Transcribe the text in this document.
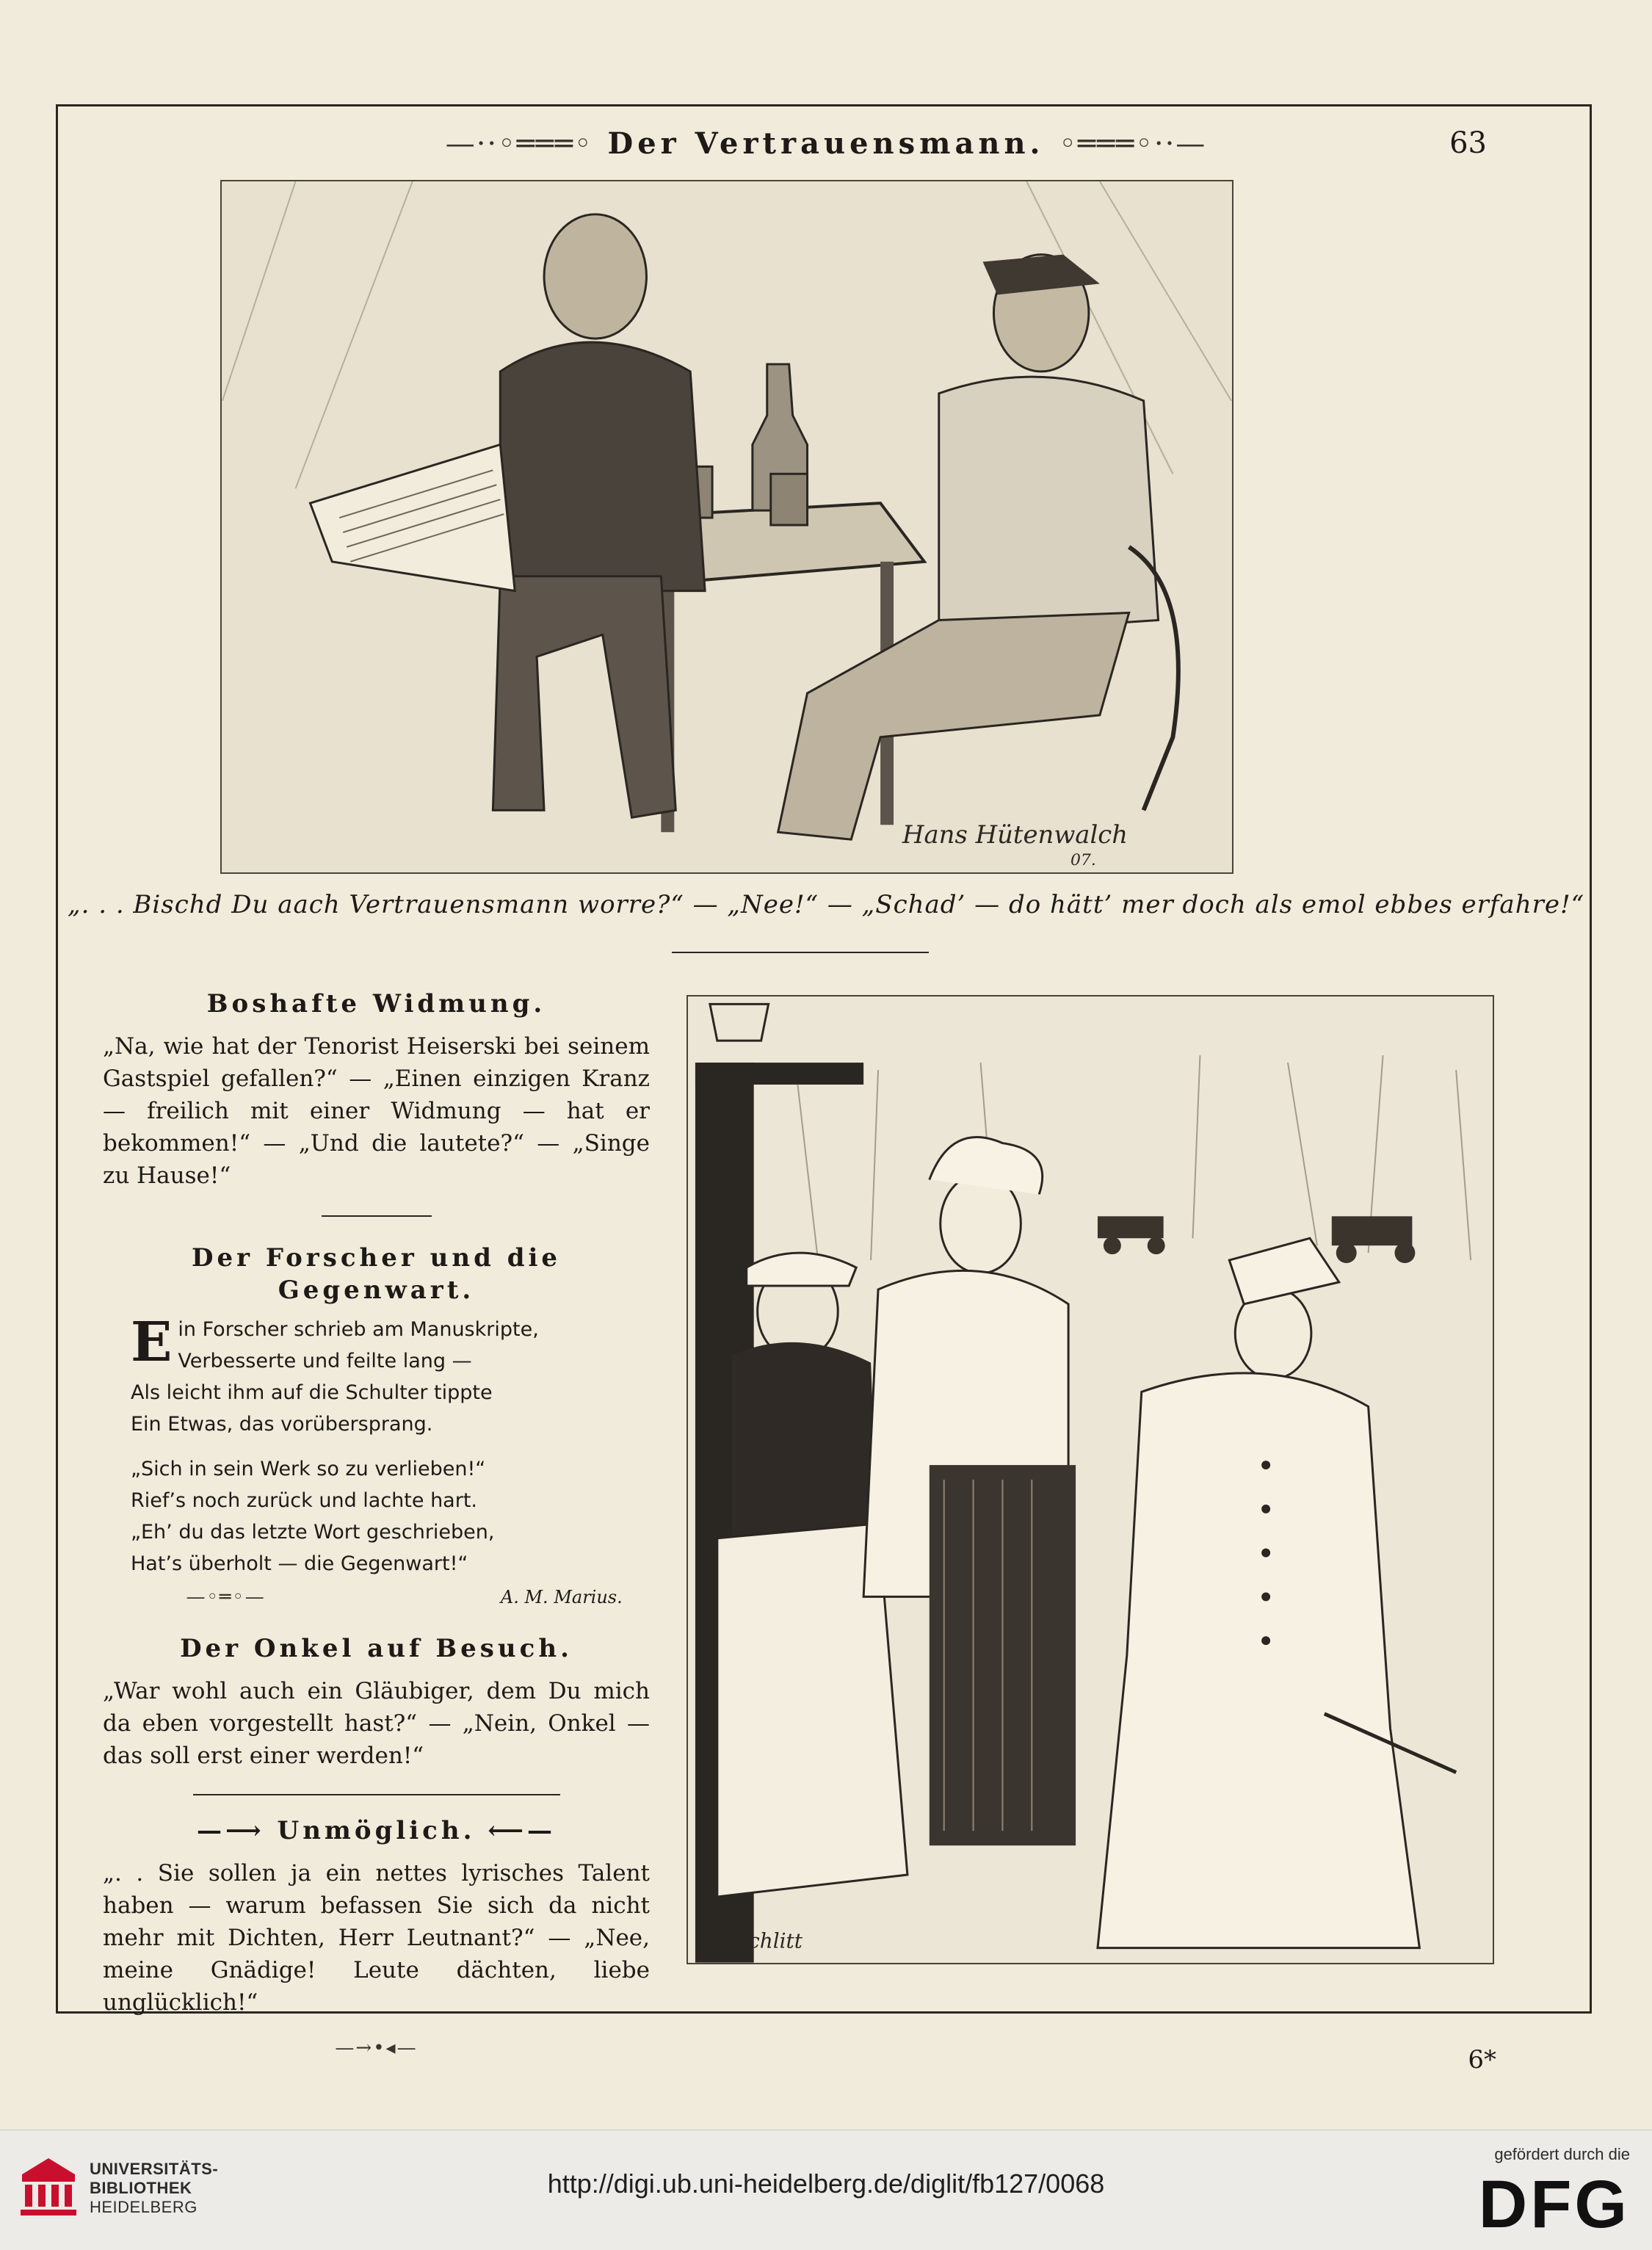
—··◦═══◦ Der Vertrauensmann. ◦═══◦··—	63
Hans Hütenwalch
07.
„. . . Bischd Du aach Vertrauensmann worre?“ — „Nee!“ — „Schad’ — do hätt’ mer doch als emol ebbes erfahre!“
Boshafte Widmung.

„Na, wie hat der Tenorist Heiserski bei seinem Gastspiel gefallen?“ — „Einen einzigen Kranz — freilich mit einer Widmung — hat er bekommen!“ — „Und die lautete?“ — „Singe zu Hause!“

Der Forscher und die Gegenwart.
E in Forscher schrieb am Manuskripte,
Verbesserte und feilte lang —
Als leicht ihm auf die Schulter tippte
Ein Etwas, das vorübersprang.
„Sich in sein Werk so zu verlieben!“
Rief’s noch zurück und lachte hart.
„Eh’ du das letzte Wort geschrieben,
Hat’s überholt — die Gegenwart!“
—◦═◦—	A. M. Marius.
Der Onkel auf Besuch.

„War wohl auch ein Gläubiger, dem Du mich da eben vorgestellt hast?“ — „Nein, Onkel — das soll erst einer werden!“

—⟶ Unmöglich. ⟵—

„. . Sie sollen ja ein nettes lyrisches Talent haben — warum befassen Sie sich da nicht mehr mit Dichten, Herr Leutnant?“ — „Nee, meine Gnädige! Leute dächten, liebe unglücklich!“

—→•◂—
H.Schlitt
6*
UNIVERSITÄTS-
BIBLIOTHEK
HEIDELBERG
http://digi.ub.uni-heidelberg.de/diglit/fb127/0068
gefördert durch die
DFG
